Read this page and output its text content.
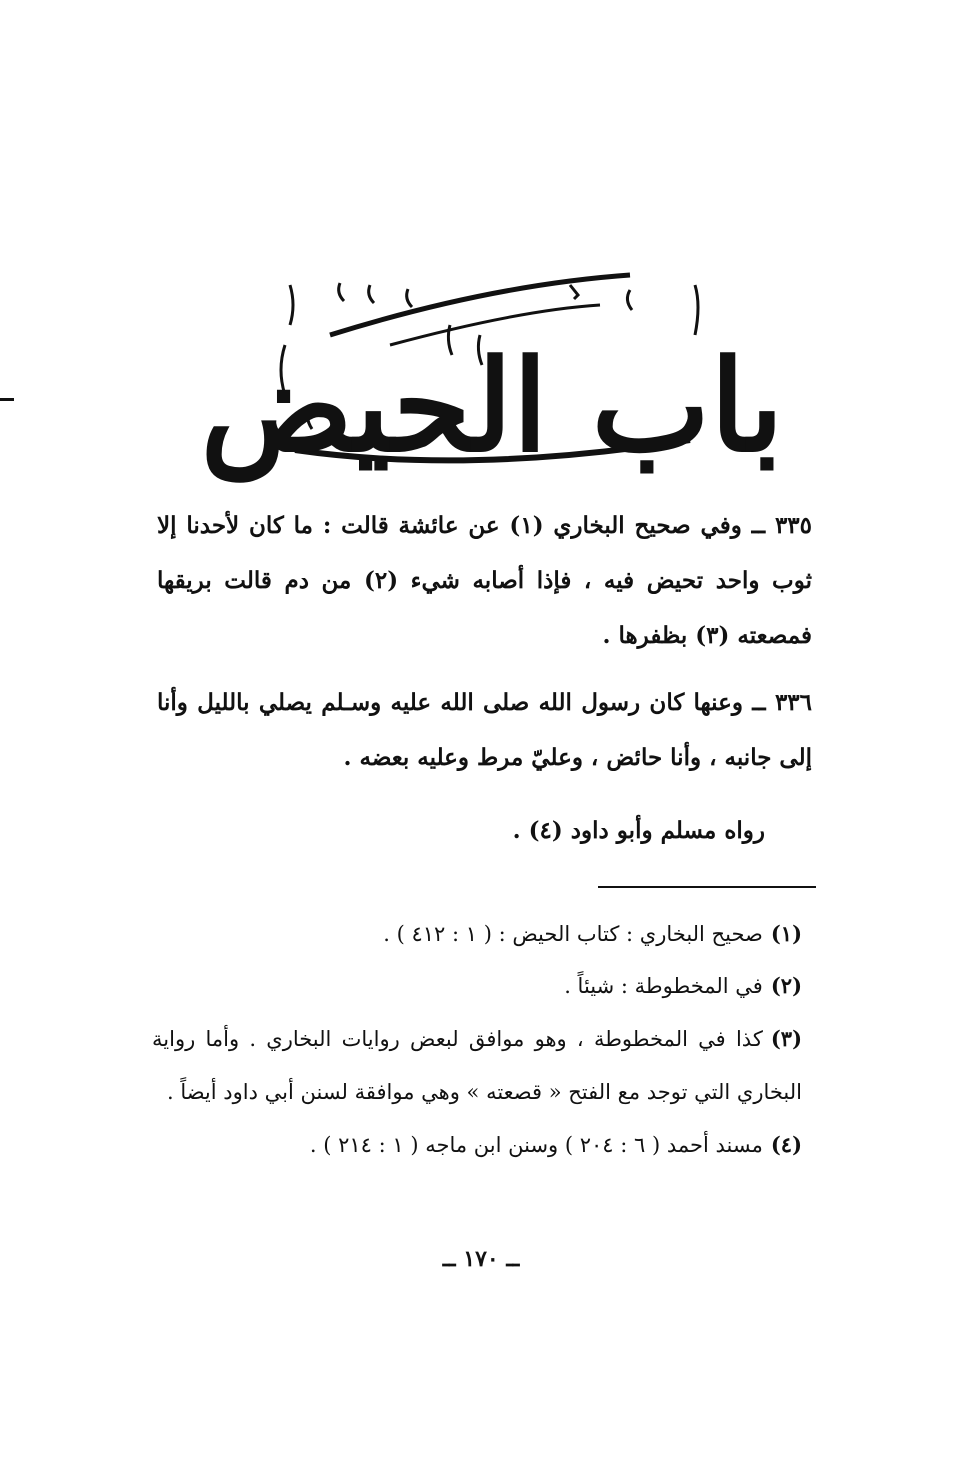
باب الحيض
٣٣٥ ــ وفي صحيح البخاري (١) عن عائشة قالت : ما كان لأحدنا إلا ثوب واحد تحيض فيه ، فإذا أصابه شيء (٢) من دم قالت بريقها فمصعته (٣) بظفرها .
٣٣٦ ــ وعنها كان رسول الله صلى الله عليه وسـلم يصلي بالليل وأنا إلى جانبه ، وأنا حائض ، وعليّ مرط وعليه بعضه .
رواه مسلم وأبو داود (٤) .
(١)صحيح البخاري : كتاب الحيض : ( ١ : ٤١٢ ) .
(٢)في المخطوطة : شيئاً .
(٣)كذا في المخطوطة ، وهو موافق لبعض روايات البخاري . وأما رواية البخاري التي توجد مع الفتح « قصعته » وهي موافقة لسنن أبي داود أيضاً .
(٤)مسند أحمد ( ٦ : ٢٠٤ ) وسنن ابن ماجه ( ١ : ٢١٤ ) .
ــ ١٧٠ ــ
